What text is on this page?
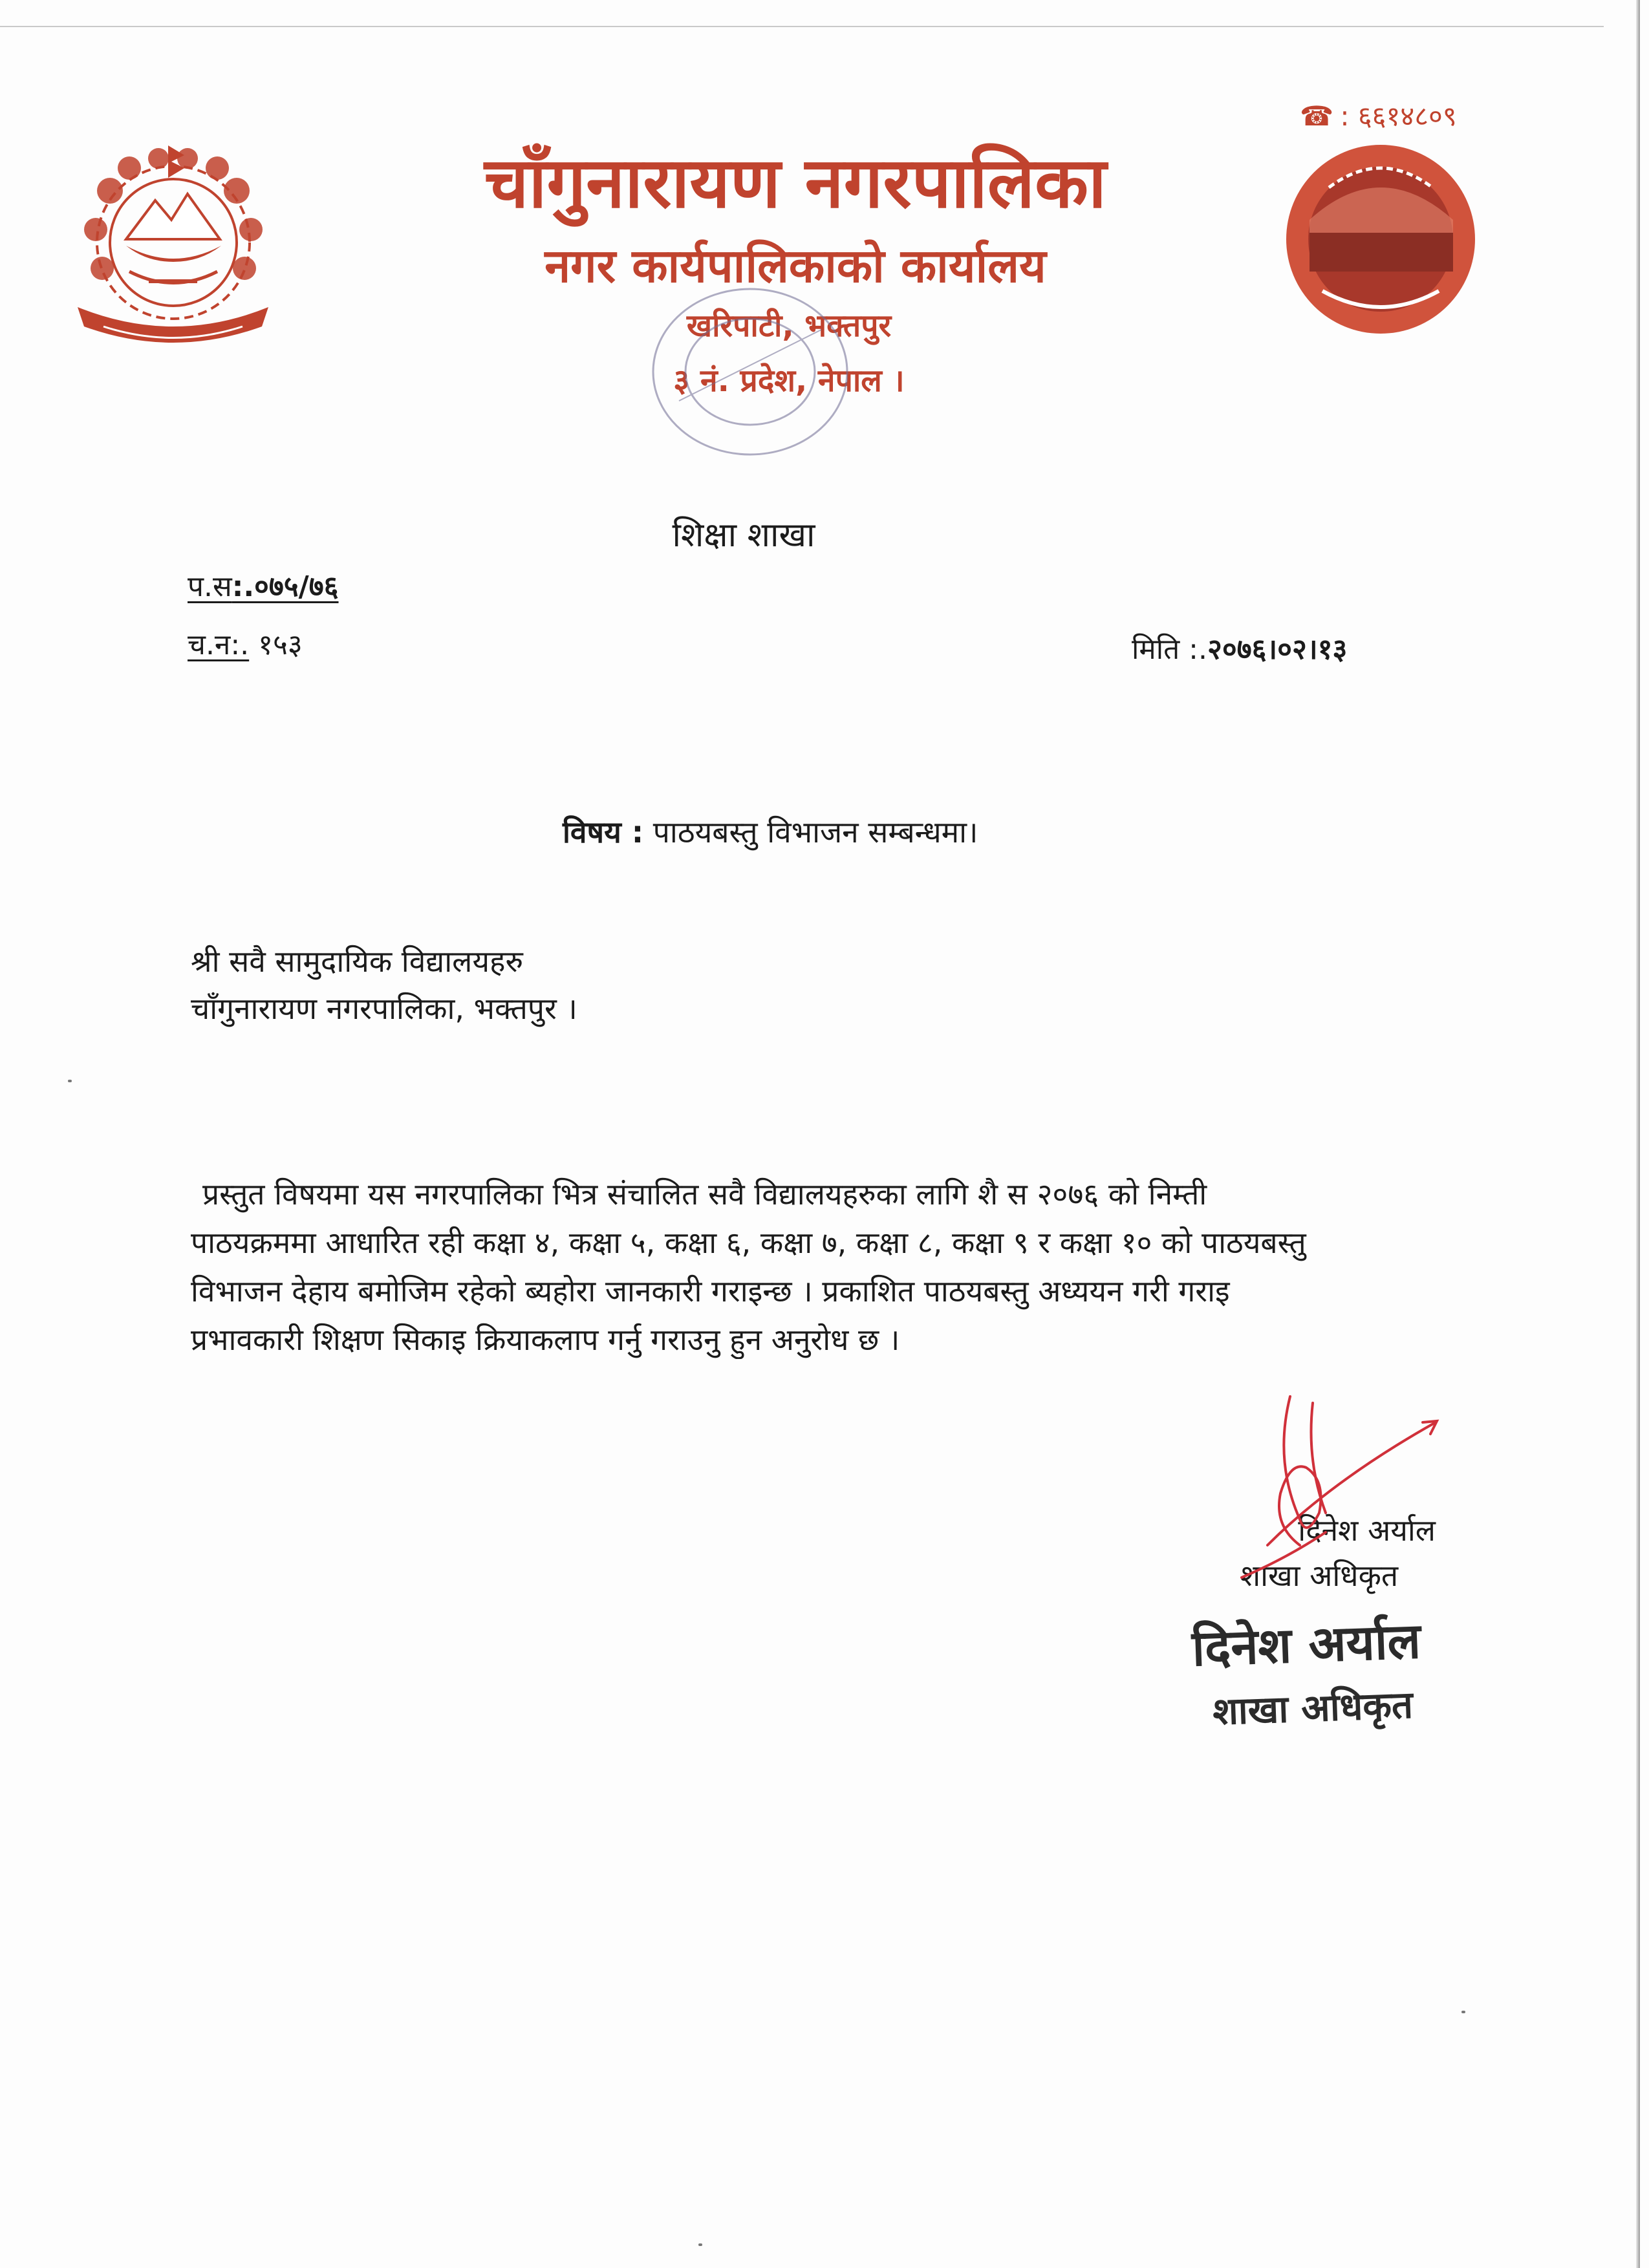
चाँगुनारायण नगरपालिका
नगर कार्यपालिकाको कार्यालय
खरिपाटी, भक्तपुर
३ नं. प्रदेश, नेपाल ।
☎ : ६६१४८०९
शिक्षा शाखा
प.स:.०७५/७६
च.न:. १५३	मिति :.२०७६।०२।१३
विषय : पाठयबस्तु विभाजन सम्बन्धमा।
श्री सवै सामुदायिक विद्यालयहरु
चाँगुनारायण नगरपालिका, भक्तपुर ।
प्रस्तुत विषयमा यस नगरपालिका भित्र संचालित सवै विद्यालयहरुका लागि शै स २०७६ को निम्ती
पाठयक्रममा आधारित रही कक्षा ४, कक्षा ५, कक्षा ६, कक्षा ७, कक्षा ८, कक्षा ९ र कक्षा १० को पाठयबस्तु
विभाजन देहाय बमोजिम रहेको ब्यहोरा जानकारी गराइन्छ । प्रकाशित पाठयबस्तु अध्ययन गरी गराइ
प्रभावकारी शिक्षण सिकाइ क्रियाकलाप गर्नु गराउनु हुन अनुरोध छ ।
दिनेश अर्याल
शाखा अधिकृत
दिनेश अर्याल
शाखा अधिकृत
